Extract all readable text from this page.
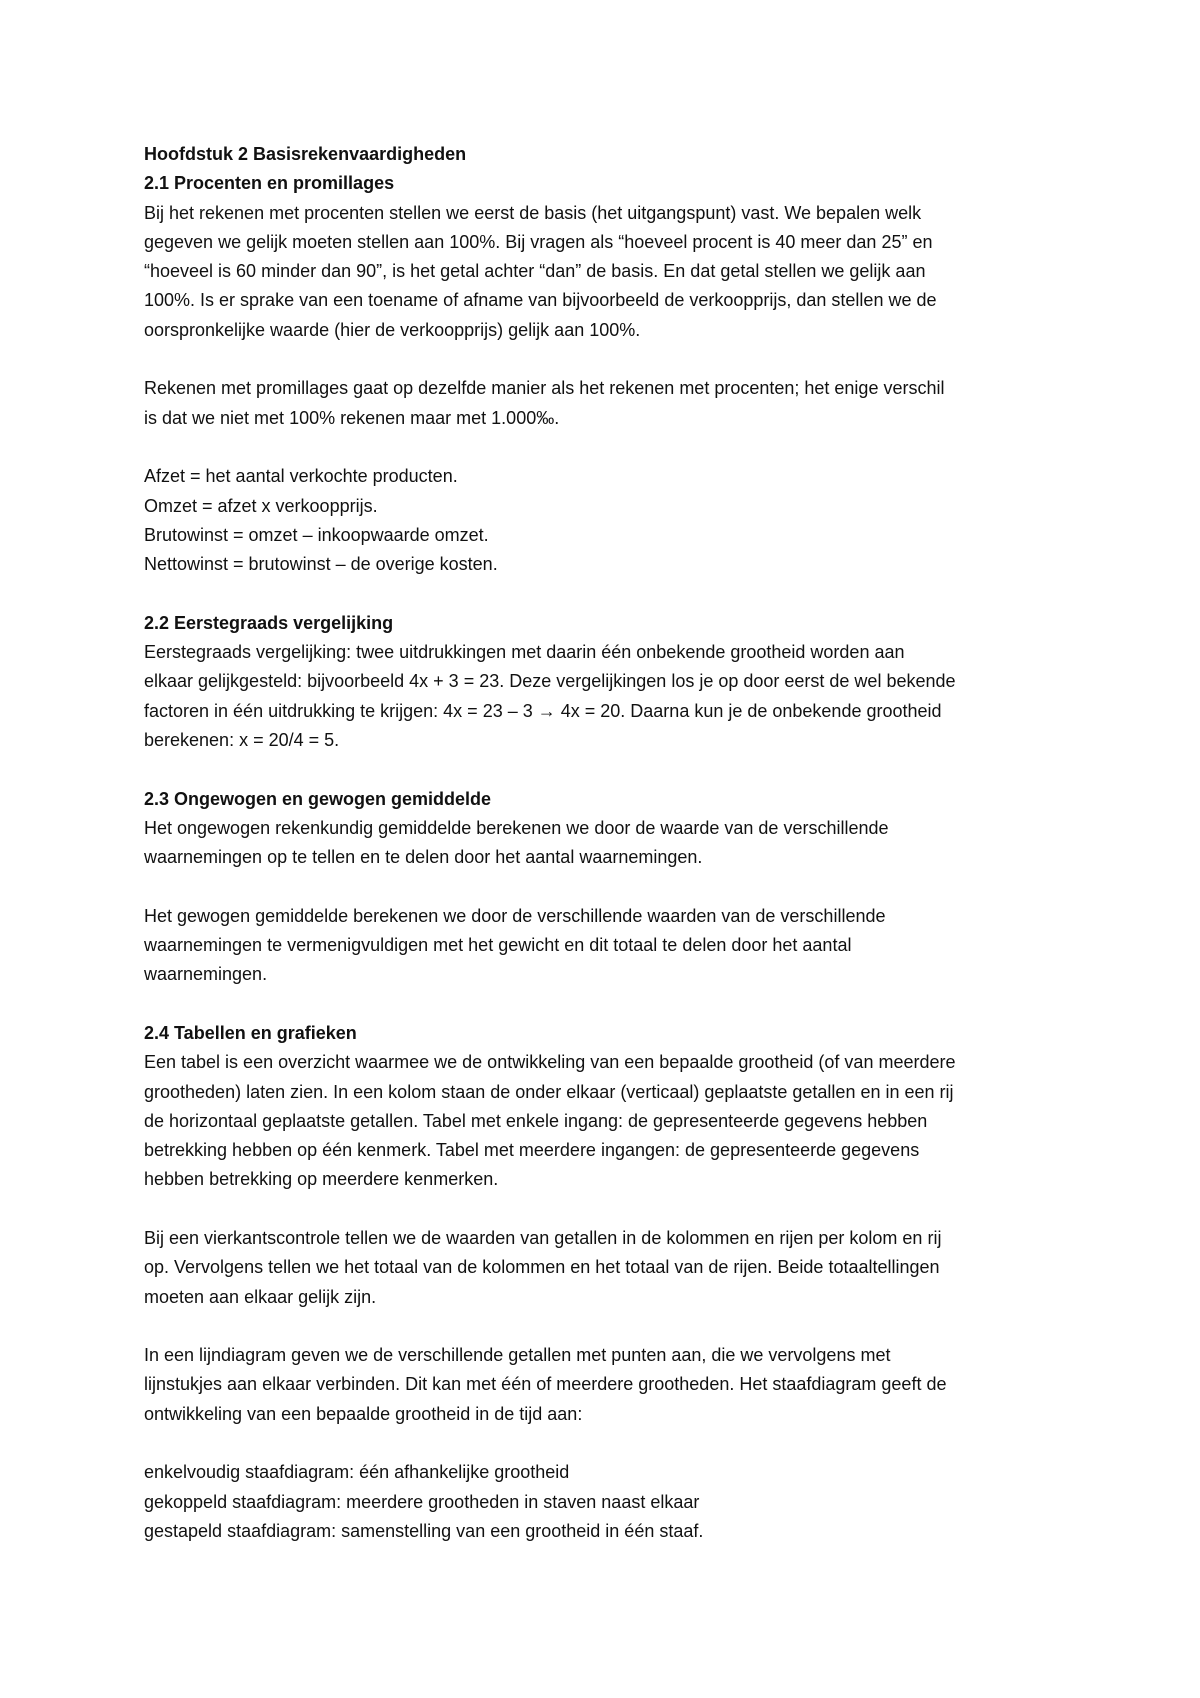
Hoofdstuk 2 Basisrekenvaardigheden
2.1 Procenten en promillages
Bij het rekenen met procenten stellen we eerst de basis (het uitgangspunt) vast. We bepalen welk
gegeven we gelijk moeten stellen aan 100%. Bij vragen als “hoeveel procent is 40 meer dan 25” en
“hoeveel is 60 minder dan 90”, is het getal achter “dan” de basis. En dat getal stellen we gelijk aan
100%. Is er sprake van een toename of afname van bijvoorbeeld de verkoopprijs, dan stellen we de
oorspronkelijke waarde (hier de verkoopprijs) gelijk aan 100%.
Rekenen met promillages gaat op dezelfde manier als het rekenen met procenten; het enige verschil
is dat we niet met 100% rekenen maar met 1.000‰.
Afzet = het aantal verkochte producten.
Omzet = afzet x verkoopprijs.
Brutowinst = omzet – inkoopwaarde omzet.
Nettowinst = brutowinst – de overige kosten.
2.2 Eerstegraads vergelijking
Eerstegraads vergelijking: twee uitdrukkingen met daarin één onbekende grootheid worden aan
elkaar gelijkgesteld: bijvoorbeeld 4x + 3 = 23. Deze vergelijkingen los je op door eerst de wel bekende
factoren in één uitdrukking te krijgen: 4x = 23 – 3 → 4x = 20. Daarna kun je de onbekende grootheid
berekenen: x = 20/4 = 5.
2.3 Ongewogen en gewogen gemiddelde
Het ongewogen rekenkundig gemiddelde berekenen we door de waarde van de verschillende
waarnemingen op te tellen en te delen door het aantal waarnemingen.
Het gewogen gemiddelde berekenen we door de verschillende waarden van de verschillende
waarnemingen te vermenigvuldigen met het gewicht en dit totaal te delen door het aantal
waarnemingen.
2.4 Tabellen en grafieken
Een tabel is een overzicht waarmee we de ontwikkeling van een bepaalde grootheid (of van meerdere
grootheden) laten zien. In een kolom staan de onder elkaar (verticaal) geplaatste getallen en in een rij
de horizontaal geplaatste getallen. Tabel met enkele ingang: de gepresenteerde gegevens hebben
betrekking hebben op één kenmerk. Tabel met meerdere ingangen: de gepresenteerde gegevens
hebben betrekking op meerdere kenmerken.
Bij een vierkantscontrole tellen we de waarden van getallen in de kolommen en rijen per kolom en rij
op. Vervolgens tellen we het totaal van de kolommen en het totaal van de rijen. Beide totaaltellingen
moeten aan elkaar gelijk zijn.
In een lijndiagram geven we de verschillende getallen met punten aan, die we vervolgens met
lijnstukjes aan elkaar verbinden. Dit kan met één of meerdere grootheden. Het staafdiagram geeft de
ontwikkeling van een bepaalde grootheid in de tijd aan:
enkelvoudig staafdiagram: één afhankelijke grootheid
gekoppeld staafdiagram: meerdere grootheden in staven naast elkaar
gestapeld staafdiagram: samenstelling van een grootheid in één staaf.
